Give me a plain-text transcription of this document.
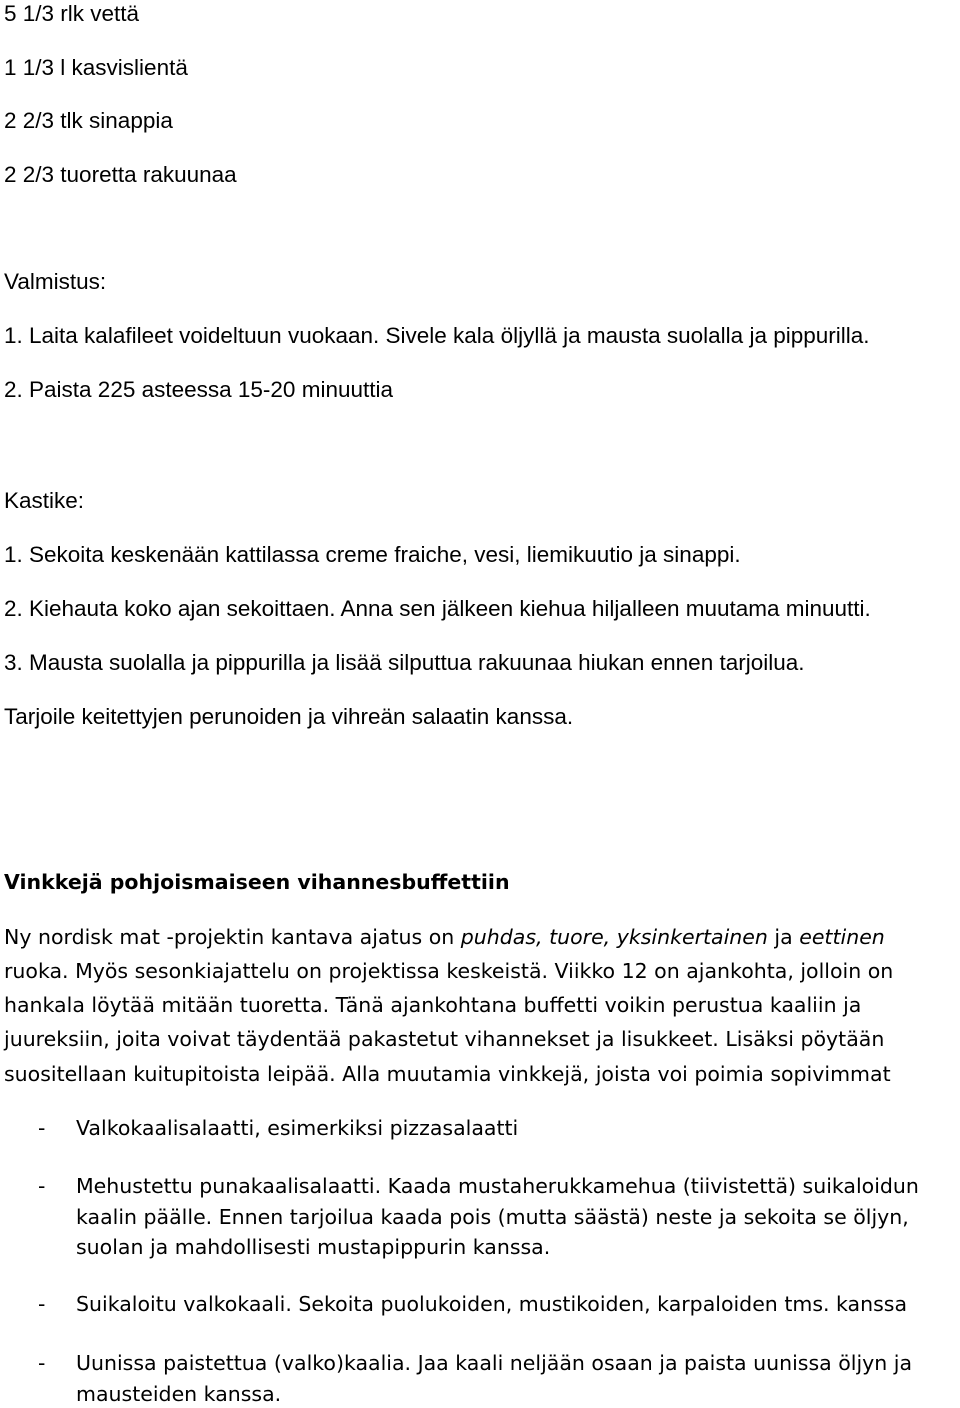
5 1/3 rlk vettä
1 1/3 l kasvislientä
2 2/3 tlk sinappia
2 2/3 tuoretta rakuunaa
Valmistus:
1. Laita kalafileet voideltuun vuokaan. Sivele kala öljyllä ja mausta suolalla ja pippurilla.
2. Paista 225 asteessa 15-20 minuuttia
Kastike:
1. Sekoita keskenään kattilassa creme fraiche, vesi, liemikuutio ja sinappi.
2. Kiehauta koko ajan sekoittaen. Anna sen jälkeen kiehua hiljalleen muutama minuutti.
3. Mausta suolalla ja pippurilla ja lisää silputtua rakuunaa hiukan ennen tarjoilua.
Tarjoile keitettyjen perunoiden ja vihreän salaatin kanssa.
Vinkkejä pohjoismaiseen vihannesbuffettiin
Ny nordisk mat -projektin kantava ajatus on puhdas, tuore, yksinkertainen ja eettinen
ruoka. Myös sesonkiajattelu on projektissa keskeistä. Viikko 12 on ajankohta, jolloin on
hankala löytää mitään tuoretta. Tänä ajankohtana buffetti voikin perustua kaaliin ja
juureksiin, joita voivat täydentää pakastetut vihannekset ja lisukkeet. Lisäksi pöytään
suositellaan kuitupitoista leipää. Alla muutamia vinkkejä, joista voi poimia sopivimmat
- Valkokaalisalaatti, esimerkiksi pizzasalaatti
- Mehustettu punakaalisalaatti. Kaada mustaherukkamehua (tiivistettä) suikaloidun
kaalin päälle. Ennen tarjoilua kaada pois (mutta säästä) neste ja sekoita se öljyn,
suolan ja mahdollisesti mustapippurin kanssa.
- Suikaloitu valkokaali. Sekoita puolukoiden, mustikoiden, karpaloiden tms. kanssa
- Uunissa paistettua (valko)kaalia. Jaa kaali neljään osaan ja paista uunissa öljyn ja
mausteiden kanssa.
